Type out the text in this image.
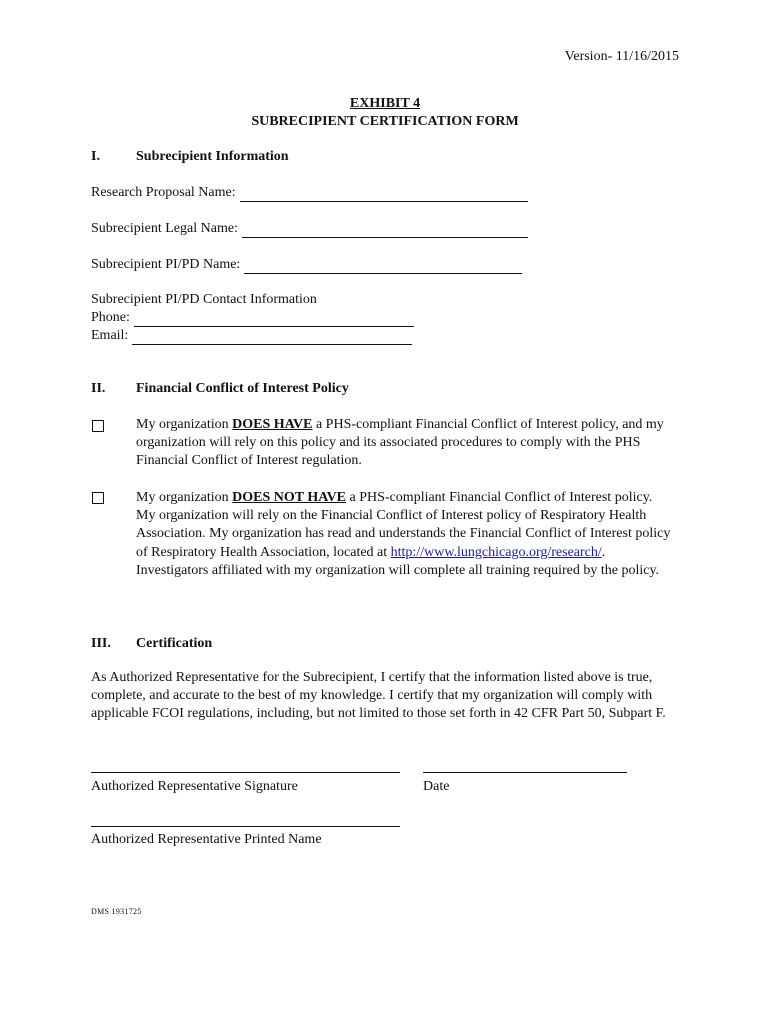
Version- 11/16/2015
EXHIBIT 4
SUBRECIPIENT CERTIFICATION FORM
I.	Subrecipient Information
Research Proposal Name:
Subrecipient Legal Name:
Subrecipient PI/PD Name:
Subrecipient PI/PD Contact Information
Phone:
Email:
II. Financial Conflict of Interest Policy
My organization DOES HAVE a PHS-compliant Financial Conflict of Interest policy, and my organization will rely on this policy and its associated procedures to comply with the PHS Financial Conflict of Interest regulation.
My organization DOES NOT HAVE a PHS-compliant Financial Conflict of Interest policy. My organization will rely on the Financial Conflict of Interest policy of Respiratory Health Association. My organization has read and understands the Financial Conflict of Interest policy of Respiratory Health Association, located at http://www.lungchicago.org/research/. Investigators affiliated with my organization will complete all training required by the policy.
III. Certification
As Authorized Representative for the Subrecipient, I certify that the information listed above is true, complete, and accurate to the best of my knowledge. I certify that my organization will comply with applicable FCOI regulations, including, but not limited to those set forth in 42 CFR Part 50, Subpart F.
Authorized Representative Signature	Date
Authorized Representative Printed Name
DMS 1931725
